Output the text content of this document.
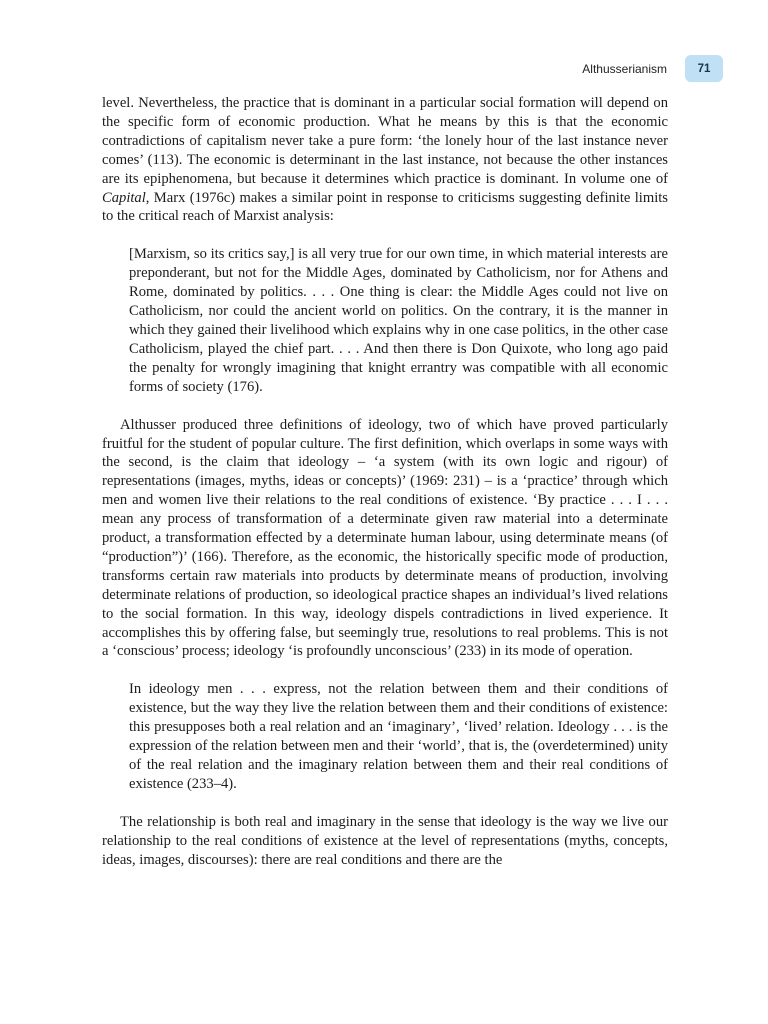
Althusserianism	71

level. Nevertheless, the practice that is dominant in a particular social formation will depend on the specific form of economic production. What he means by this is that the economic contradictions of capitalism never take a pure form: ‘the lonely hour of the last instance never comes’ (113). The economic is determinant in the last instance, not because the other instances are its epiphenomena, but because it determines which practice is dominant. In volume one of Capital, Marx (1976c) makes a similar point in response to criticisms suggesting definite limits to the critical reach of Marxist analysis:

[Marxism, so its critics say,] is all very true for our own time, in which material interests are preponderant, but not for the Middle Ages, dominated by Catholicism, nor for Athens and Rome, dominated by politics. . . . One thing is clear: the Middle Ages could not live on Catholicism, nor could the ancient world on politics. On the contrary, it is the manner in which they gained their livelihood which explains why in one case politics, in the other case Catholicism, played the chief part. . . . And then there is Don Quixote, who long ago paid the penalty for wrongly imagining that knight errantry was compatible with all economic forms of society (176).

Althusser produced three definitions of ideology, two of which have proved particularly fruitful for the student of popular culture. The first definition, which overlaps in some ways with the second, is the claim that ideology – ‘a system (with its own logic and rigour) of representations (images, myths, ideas or concepts)’ (1969: 231) – is a ‘practice’ through which men and women live their relations to the real conditions of existence. ‘By practice . . . I . . . mean any process of transformation of a determinate given raw material into a determinate product, a transformation effected by a determinate human labour, using determinate means (of “production”)’ (166). Therefore, as the economic, the historically specific mode of production, transforms certain raw materials into products by determinate means of production, involving determinate relations of production, so ideological practice shapes an individual’s lived relations to the social formation. In this way, ideology dispels contradictions in lived experience. It accomplishes this by offering false, but seemingly true, resolutions to real problems. This is not a ‘conscious’ process; ideology ‘is profoundly unconscious’ (233) in its mode of operation.

In ideology men . . . express, not the relation between them and their conditions of existence, but the way they live the relation between them and their conditions of existence: this presupposes both a real relation and an ‘imaginary’, ‘lived’ relation. Ideology . . . is the expression of the relation between men and their ‘world’, that is, the (overdetermined) unity of the real relation and the imaginary relation between them and their real conditions of existence (233–4).

The relationship is both real and imaginary in the sense that ideology is the way we live our relationship to the real conditions of existence at the level of representations (myths, concepts, ideas, images, discourses): there are real conditions and there are the
